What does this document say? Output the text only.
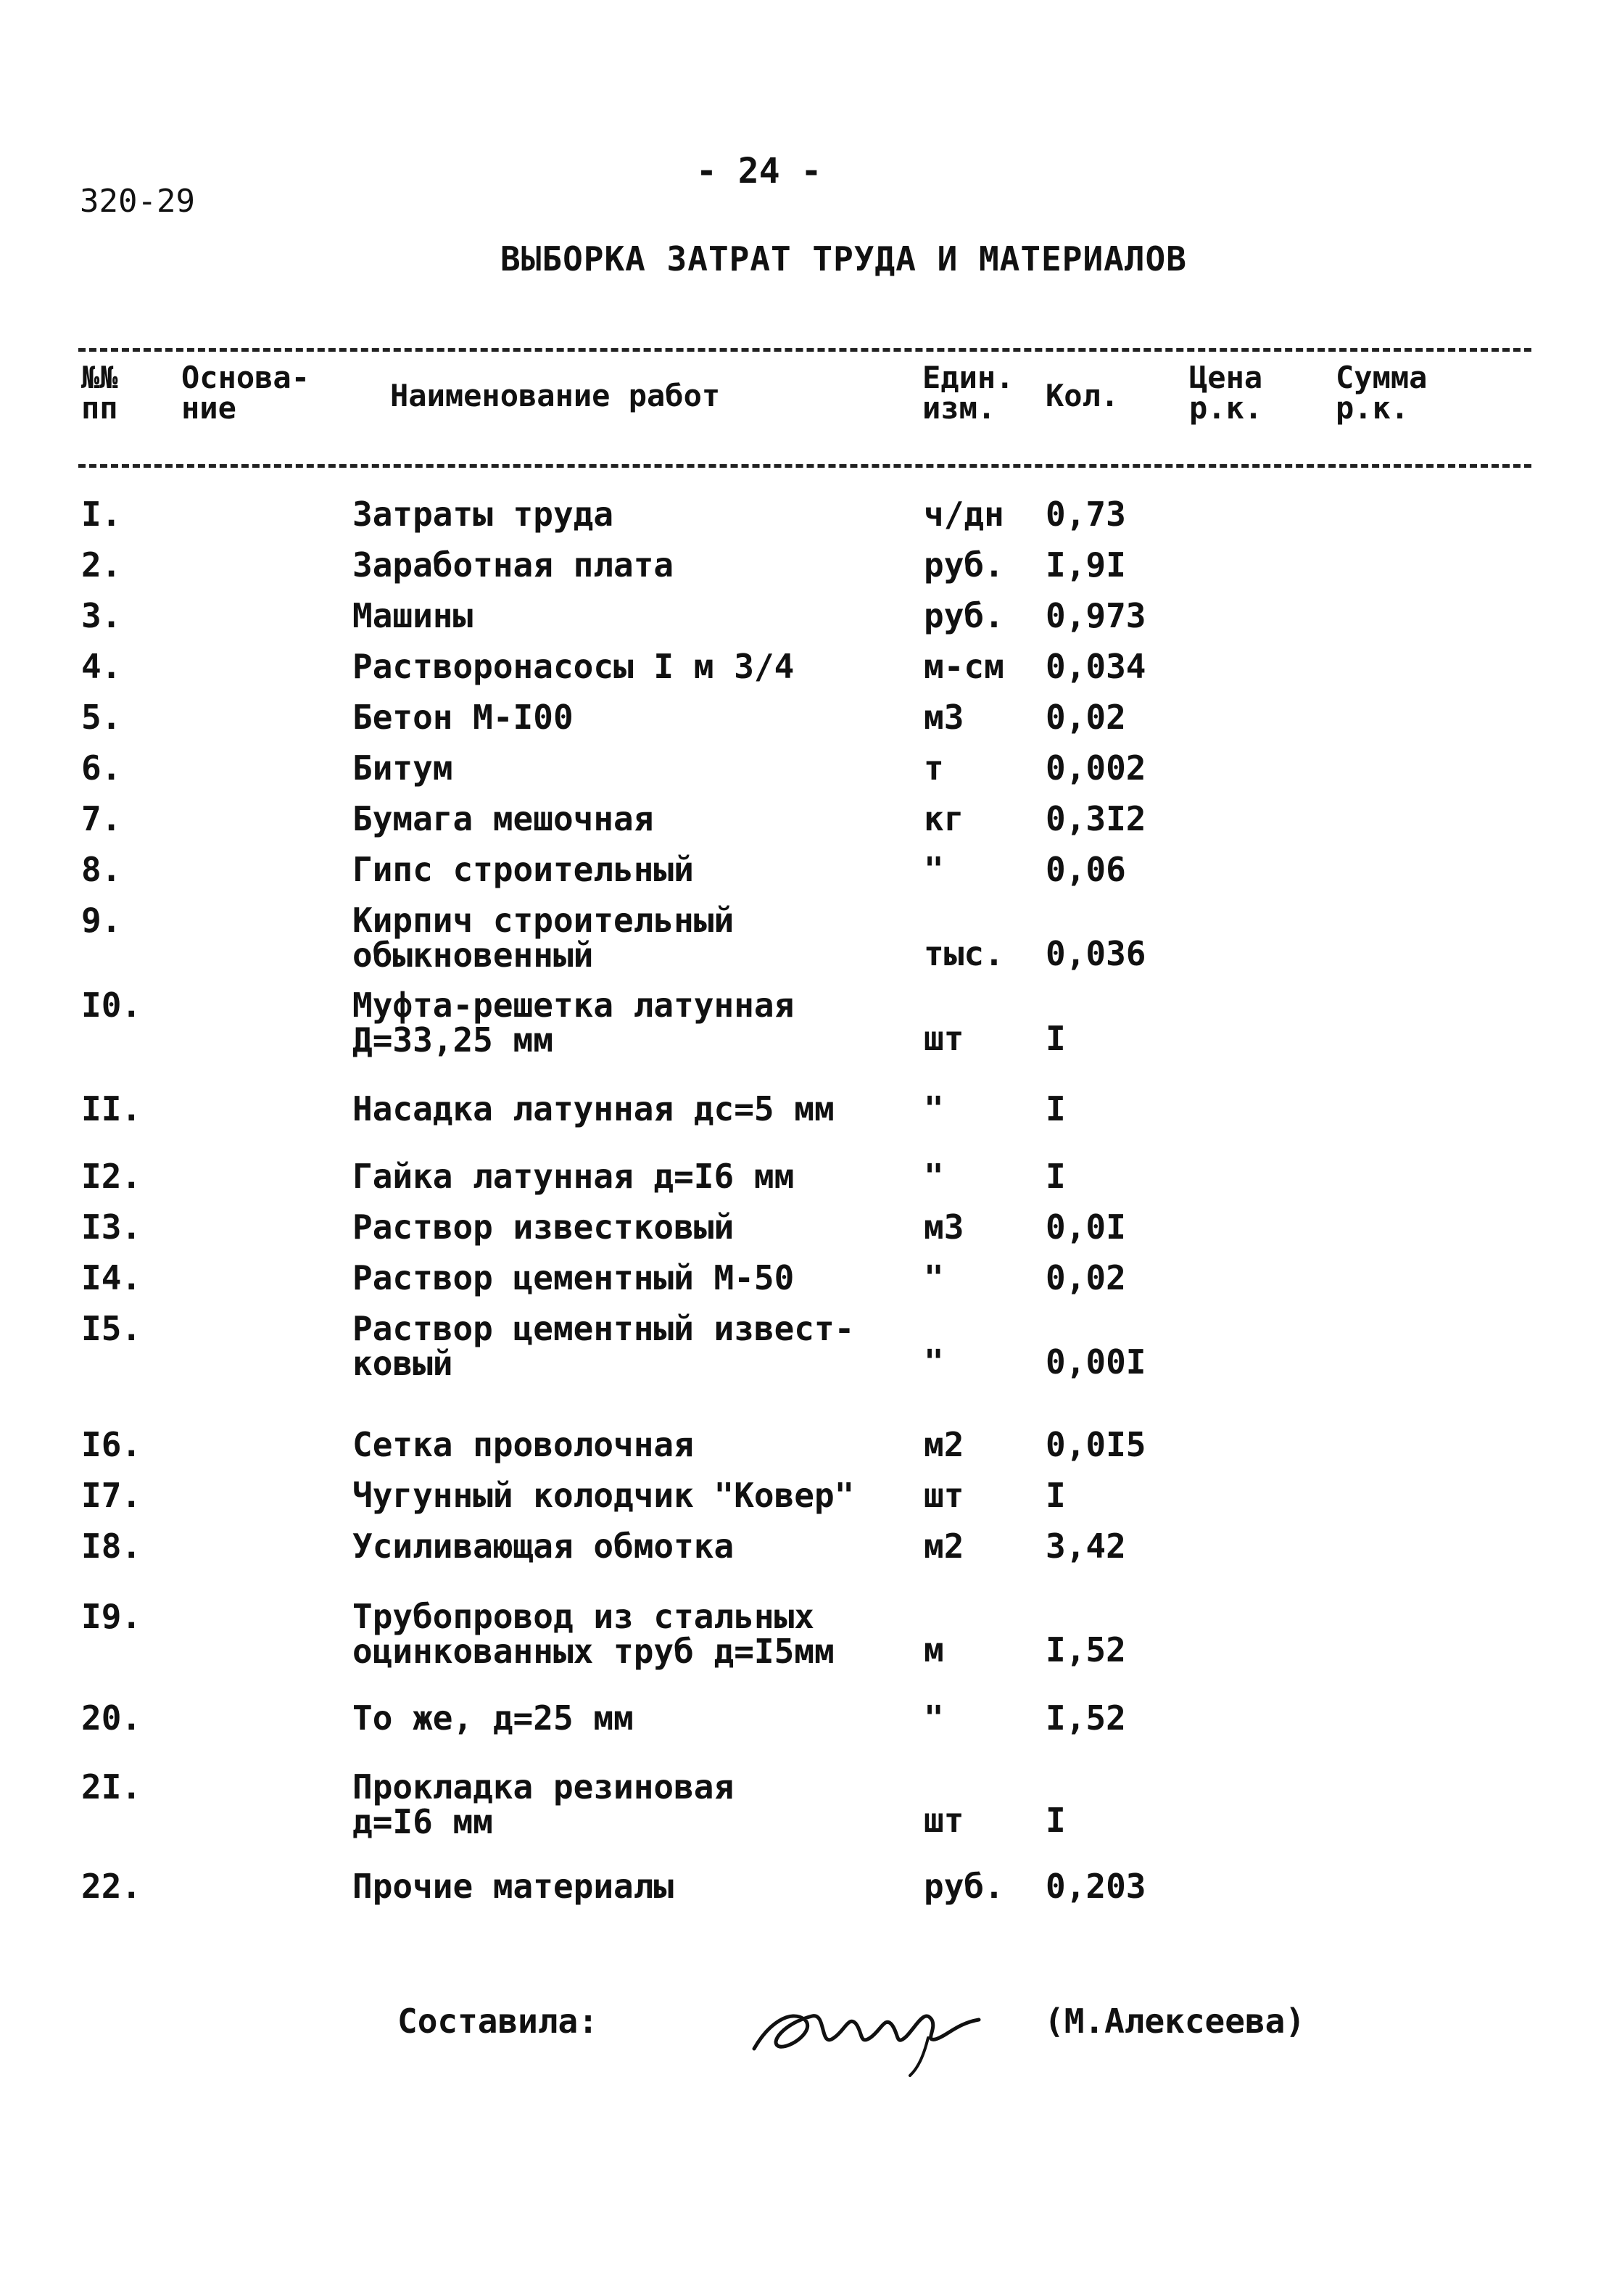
320-29
- 24 -
ВЫБОРКА ЗАТРАТ ТРУДА И МАТЕРИАЛОВ
№№
пп
Основа-
ние	Наименование работ
Един.
изм.	Кол.
Цена
р.к.
Сумма
р.к.
I.	Затраты труда	ч/дн 0,73
2.	Заработная плата	руб. I,9I
3.	Машины	руб. 0,973
4.	Растворонасосы I м 3/4	м-см 0,034
5.	Бетон М-I00	м3 0,02
6.	Битум	т	0,002
7.	Бумага мешочная	кг 0,3I2
8.	Гипс строительный	"	0,06
9.	Кирпич строительный
обыкновенный	тыс. 0,036
I0.	Муфта-решетка латунная
Д=33,25 мм	шт I
II.	Насадка латунная дс=5 мм	"	I
I2.	Гайка латунная д=I6 мм	"	I
I3.	Раствор известковый	м3 0,0I
I4.	Раствор цементный М-50	"	0,02
I5.	Раствор цементный извест-
ковый	"	0,00I
I6.	Сетка проволочная	м2 0,0I5
I7.	Чугунный колодчик "Ковер" шт I
I8.	Усиливающая обмотка	м2 3,42
I9.	Трубопровод из стальных
оцинкованных труб д=I5мм	м	I,52
20.	То же, д=25 мм	"	I,52
2I.	Прокладка резиновая
д=I6 мм	шт I
22.	Прочие материалы	руб. 0,203
Составила:	(М.Алексеева)
